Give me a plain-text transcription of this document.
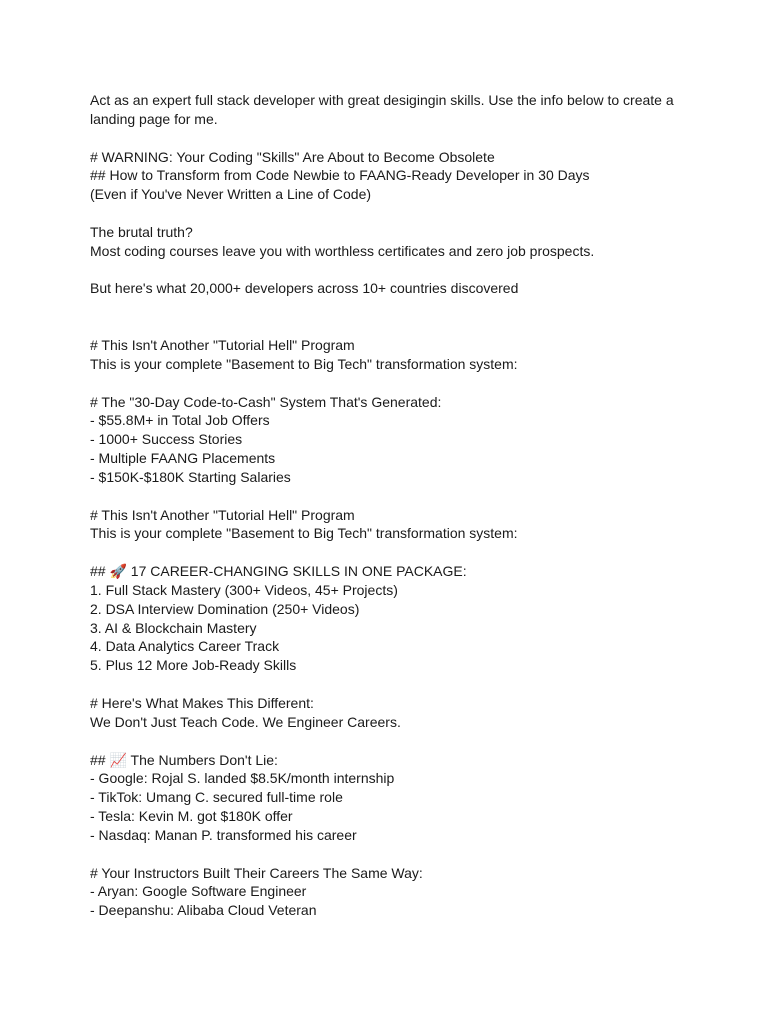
Act as an expert full stack developer with great desigingin skills. Use the info below to create a landing page for me.
# WARNING: Your Coding "Skills" Are About to Become Obsolete
## How to Transform from Code Newbie to FAANG-Ready Developer in 30 Days
(Even if You've Never Written a Line of Code)
The brutal truth?
Most coding courses leave you with worthless certificates and zero job prospects.
But here's what 20,000+ developers across 10+ countries discovered
# This Isn't Another "Tutorial Hell" Program
This is your complete "Basement to Big Tech" transformation system:
# The "30-Day Code-to-Cash" System That's Generated:
- $55.8M+ in Total Job Offers
- 1000+ Success Stories
- Multiple FAANG Placements
- $150K-$180K Starting Salaries
# This Isn't Another "Tutorial Hell" Program
This is your complete "Basement to Big Tech" transformation system:
## 🚀 17 CAREER-CHANGING SKILLS IN ONE PACKAGE:
1. Full Stack Mastery (300+ Videos, 45+ Projects)
2. DSA Interview Domination (250+ Videos)
3. AI & Blockchain Mastery
4. Data Analytics Career Track
5. Plus 12 More Job-Ready Skills
# Here's What Makes This Different:
We Don't Just Teach Code. We Engineer Careers.
## 📈 The Numbers Don't Lie:
- Google: Rojal S. landed $8.5K/month internship
- TikTok: Umang C. secured full-time role
- Tesla: Kevin M. got $180K offer
- Nasdaq: Manan P. transformed his career
# Your Instructors Built Their Careers The Same Way:
- Aryan: Google Software Engineer
- Deepanshu: Alibaba Cloud Veteran
